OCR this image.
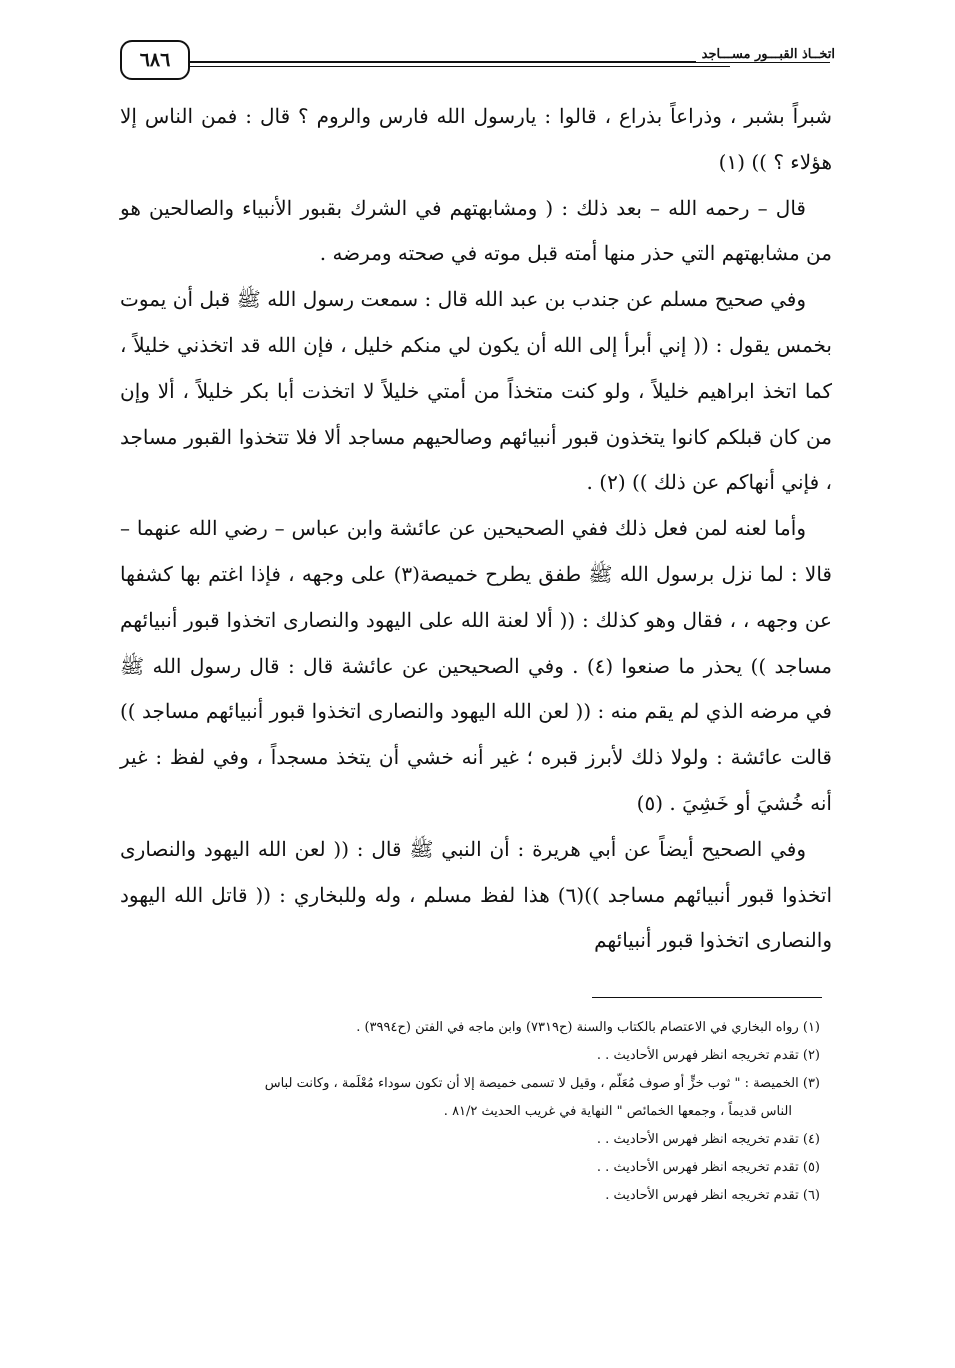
٦٨٦	اتخــاذ القبـــور مســـاجد

شبراً بشبر ، وذراعاً بذراع ، قالوا : يارسول الله فارس والروم ؟ قال : فمن الناس إلا هؤلاء ؟ )) (١)

قال – رحمه الله – بعد ذلك : ( ومشابهتهم في الشرك بقبور الأنبياء والصالحين هو من مشابهتهم التي حذر منها أمته قبل موته في صحته ومرضه .

وفي صحيح مسلم عن جندب بن عبد الله قال : سمعت رسول الله ﷺ قبل أن يموت بخمس يقول : (( إني أبرأ إلى الله أن يكون لي منكم خليل ، فإن الله قد اتخذني خليلاً ، كما اتخذ ابراهيم خليلاً ، ولو كنت متخذاً من أمتي خليلاً لا اتخذت أبا بكر خليلاً ، ألا وإن من كان قبلكم كانوا يتخذون قبور أنبيائهم وصالحيهم مساجد ألا فلا تتخذوا القبور مساجد ، فإني أنهاكم عن ذلك )) (٢) .

وأما لعنه لمن فعل ذلك ففي الصحيحين عن عائشة وابن عباس – رضي الله عنهما – قالا : لما نزل برسول الله ﷺ طفق يطرح خميصة(٣) على وجهه ، فإذا اغتم بها كشفها عن وجهه ، ، فقال وهو كذلك : (( ألا لعنة الله على اليهود والنصارى اتخذوا قبور أنبيائهم مساجد )) يحذر ما صنعوا (٤) . وفي الصحيحين عن عائشة قال : قال رسول الله ﷺ في مرضه الذي لم يقم منه : (( لعن الله اليهود والنصارى اتخذوا قبور أنبيائهم مساجد )) قالت عائشة : ولولا ذلك لأبرز قبره ؛ غير أنه خشي أن يتخذ مسجداً ، وفي لفظ : غير أنه خُشيَ أو خَشِيَ . (٥)

وفي الصحيح أيضاً عن أبي هريرة : أن النبي ﷺ قال : (( لعن الله اليهود والنصارى اتخذوا قبور أنبيائهم مساجد ))(٦) هذا لفظ مسلم ، وله وللبخاري : (( قاتل الله اليهود والنصارى اتخذوا قبور أنبيائهم

(١) رواه البخاري في الاعتصام بالكتاب والسنة (ح٧٣١٩) وابن ماجه في الفتن (ح٣٩٩٤) .

(٢) تقدم تخريجه انظر فهرس الأحاديث . .

(٣) الخميصة : " ثوب خزٍّ أو صوف مُعَلّم ، وقيل لا تسمى خميصة إلا أن تكون سوداء مُعْلَمة ، وكانت لباس

الناس قديماً ، وجمعها الخمائص " النهاية في غريب الحديث ٨١/٢ .

(٤) تقدم تخريجه انظر فهرس الأحاديث . .

(٥) تقدم تخريجه انظر فهرس الأحاديث . .

(٦) تقدم تخريجه انظر فهرس الأحاديث .
